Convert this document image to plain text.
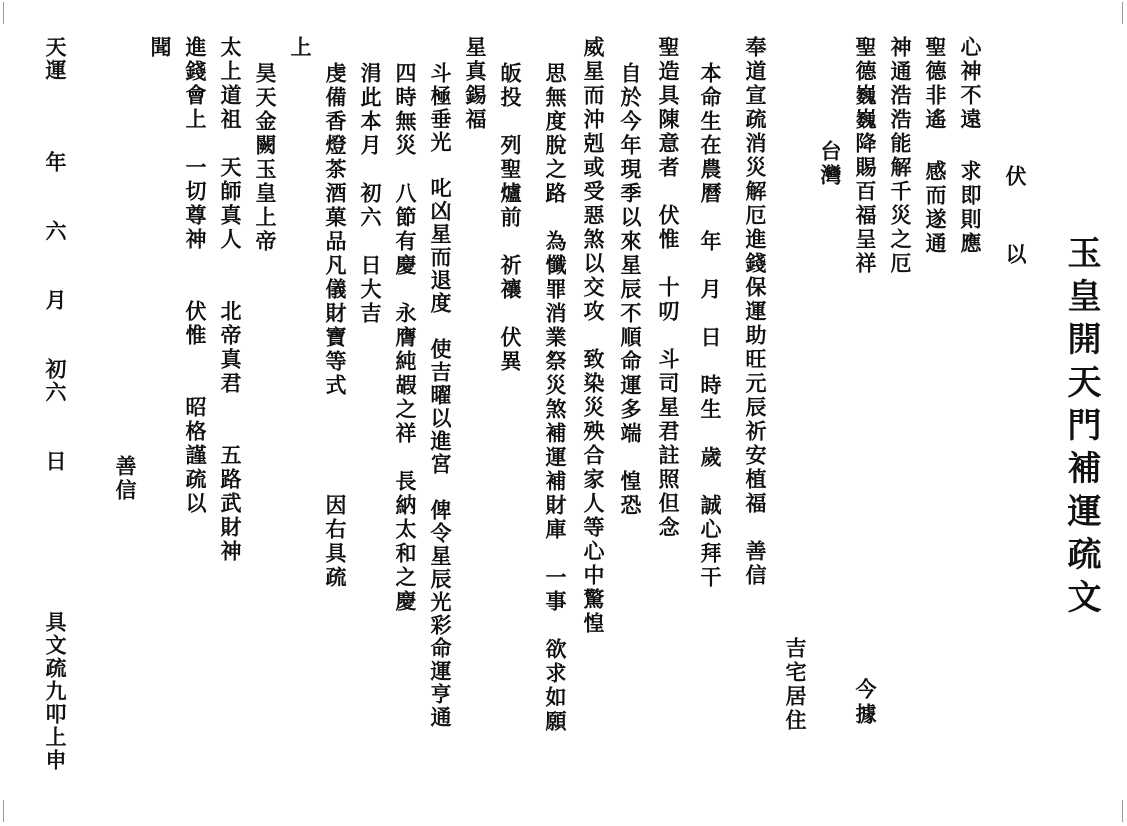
玉皇開天門補運疏文
伏 以
心神不遠 求即則應
聖德非遙 感而遂通
神通浩浩能解千災之厄
聖德巍巍降賜百福呈祥
台灣
今
據
吉宅居住
奉道宣疏消災解厄進錢保運助旺元辰祈安植福　善信
本命生在農曆　年　月　日　時生　歲　誠心拜干
聖造具陳意者　伏惟　十叨　斗司星君註照但念
自於今年現季以來星辰不順命運多端　惶恐
威星而沖剋或受惡煞以交攻　致染災殃合家人等心中驚惶
思無度脫之路　為懺罪消業祭災煞補運補財庫　一事　欲求如願
皈投　列聖爐前　祈禳　伏異
星真錫福
斗極垂光　叱凶星而退度　使吉曜以進宮　俾令星辰光彩命運亨通
四時無災　八節有慶　永膺純嘏之祥　長納太和之慶
涓此本月　初六　日大吉
虔備香燈茶酒菓品凡儀財寶等式　　　　因右具疏
上
昊天金闕玉皇上帝
太上道祖　天師真人　　北帝真君　　五路武財神
進錢會上　一切尊神　　伏惟　　昭格謹疏以
聞
善信
天運　　　年　　六　　月　　初六　　日　　　　　　具文疏九叩上申
